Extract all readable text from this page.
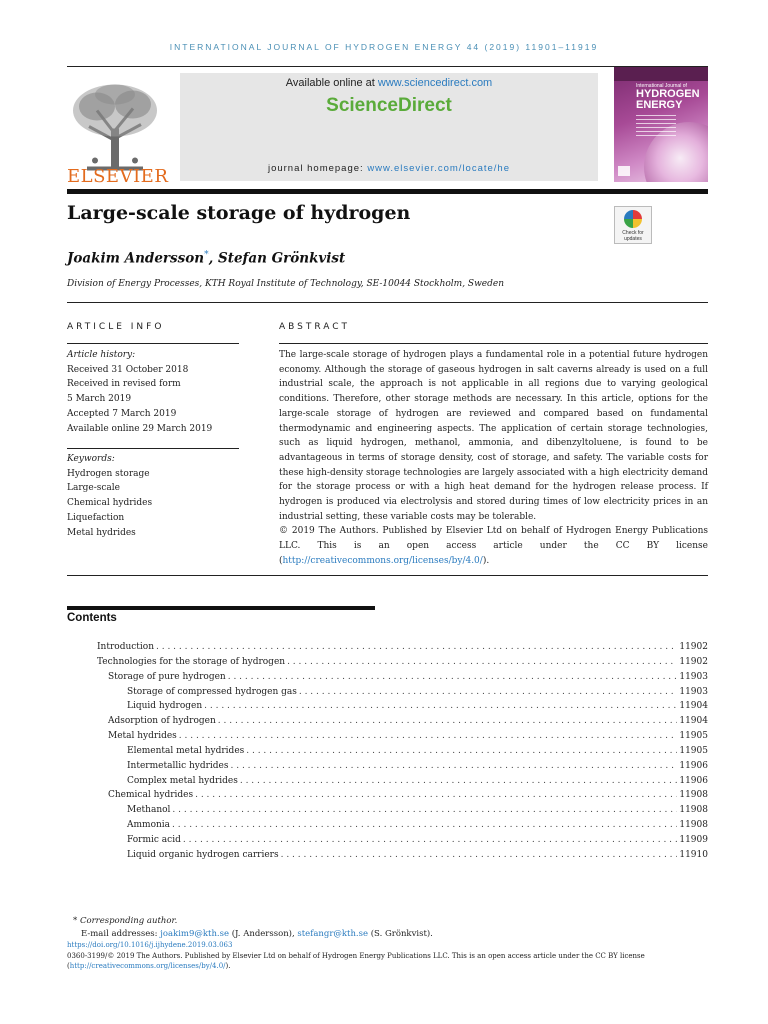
INTERNATIONAL JOURNAL OF HYDROGEN ENERGY 44 (2019) 11901–11919
ELSEVIER
Available online at www.sciencedirect.com
ScienceDirect
journal homepage: www.elsevier.com/locate/he
International Journal of
HYDROGEN
ENERGY
Large-scale storage of hydrogen
Check for
updates
Joakim Andersson*, Stefan Grönkvist
Division of Energy Processes, KTH Royal Institute of Technology, SE-10044 Stockholm, Sweden
ARTICLE INFO	ABSTRACT
Article history:
Received 31 October 2018
Received in revised form
5 March 2019
Accepted 7 March 2019
Available online 29 March 2019
Keywords:
Hydrogen storage
Large-scale
Chemical hydrides
Liquefaction
Metal hydrides
The large-scale storage of hydrogen plays a fundamental role in a potential future hydrogen economy. Although the storage of gaseous hydrogen in salt caverns already is used on a full industrial scale, the approach is not applicable in all regions due to varying geological conditions. Therefore, other storage methods are necessary. In this article, options for the large-scale storage of hydrogen are reviewed and compared based on fundamental thermodynamic and engineering aspects. The application of certain storage technologies, such as liquid hydrogen, methanol, ammonia, and dibenzyltoluene, is found to be advantageous in terms of storage density, cost of storage, and safety. The variable costs for these high-density storage technologies are largely associated with a high electricity demand for the storage process or with a high heat demand for the hydrogen release process. If hydrogen is produced via electrolysis and stored during times of low electricity prices in an industrial setting, these variable costs may be tolerable.
© 2019 The Authors. Published by Elsevier Ltd on behalf of Hydrogen Energy Publications LLC. This is an open access article under the CC BY license (http://creativecommons.org/licenses/by/4.0/).
Contents
Introduction . . .	11902
Technologies for the storage of hydrogen . . .	11902
Storage of pure hydrogen . . .	11903
Storage of compressed hydrogen gas . . .	11903
Liquid hydrogen . . .	11904
Adsorption of hydrogen . . .	11904
Metal hydrides . . .	11905
Elemental metal hydrides . . .	11905
Intermetallic hydrides . . .	11906
Complex metal hydrides . . .	11906
Chemical hydrides . . .	11908
Methanol . . .	11908
Ammonia . . .	11908
Formic acid . . .	11909
Liquid organic hydrogen carriers . . .	11910
* Corresponding author.
E-mail addresses: joakim9@kth.se (J. Andersson), stefangr@kth.se (S. Grönkvist).
https://doi.org/10.1016/j.ijhydene.2019.03.063
0360-3199/© 2019 The Authors. Published by Elsevier Ltd on behalf of Hydrogen Energy Publications LLC. This is an open access article under the CC BY license
(http://creativecommons.org/licenses/by/4.0/).
